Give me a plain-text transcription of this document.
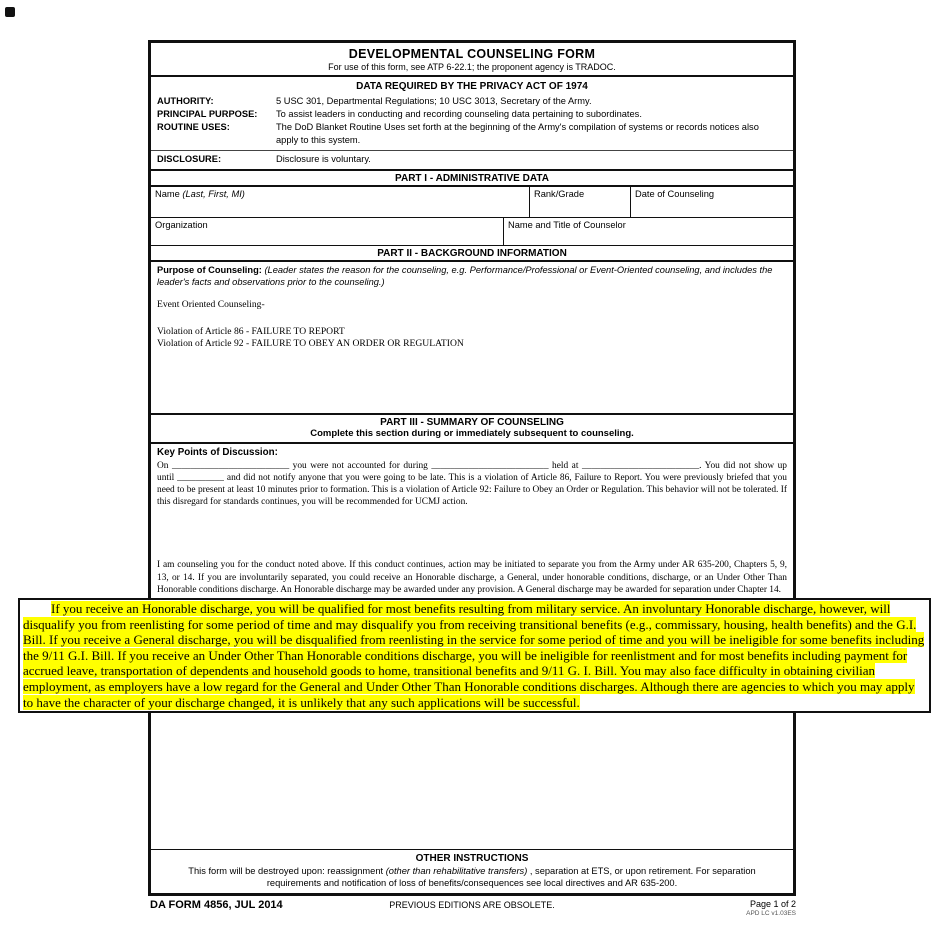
DEVELOPMENTAL COUNSELING FORM
For use of this form, see ATP 6-22.1; the proponent agency is TRADOC.
DATA REQUIRED BY THE PRIVACY ACT OF 1974
AUTHORITY:	5 USC 301, Departmental Regulations; 10 USC 3013, Secretary of the Army.
PRINCIPAL PURPOSE:	To assist leaders in conducting and recording counseling data pertaining to subordinates.
ROUTINE USES:	The DoD Blanket Routine Uses set forth at the beginning of the Army's compilation of systems or records notices also apply to this system.
DISCLOSURE:	Disclosure is voluntary.
PART I - ADMINISTRATIVE DATA
Name (Last, First, MI)	Rank/Grade	Date of Counseling
Organization	Name and Title of Counselor
PART II - BACKGROUND INFORMATION
Purpose of Counseling: (Leader states the reason for the counseling, e.g. Performance/Professional or Event-Oriented counseling, and includes the leader's facts and observations prior to the counseling.)
Event Oriented Counseling-
Violation of Article 86 - FAILURE TO REPORT
Violation of Article 92 - FAILURE TO OBEY AN ORDER OR REGULATION
PART III - SUMMARY OF COUNSELING
Complete this section during or immediately subsequent to counseling.
Key Points of Discussion:
On _________________________ you were not accounted for during _________________________ held at _________________________. You did not show up until __________ and did not notify anyone that you were going to be late. This is a violation of Article 86, Failure to Report. You were previously briefed that you need to be present at least 10 minutes prior to formation. This is a violation of Article 92: Failure to Obey an Order or Regulation. This behavior will not be tolerated. If this disregard for standards continues, you will be recommended for UCMJ action.
I am counseling you for the conduct noted above. If this conduct continues, action may be initiated to separate you from the Army under AR 635-200, Chapters 5, 9, 13, or 14. If you are involuntarily separated, you could receive an Honorable discharge, a General, under honorable conditions, discharge, or an Under Other Than Honorable conditions discharge. An Honorable discharge may be awarded under any provision. A General discharge may be awarded for separation under Chapter 14.
OTHER INSTRUCTIONS
This form will be destroyed upon: reassignment (other than rehabilitative transfers) , separation at ETS, or upon retirement. For separation requirements and notification of loss of benefits/consequences see local directives and AR 635-200.

If you receive an Honorable discharge, you will be qualified for most benefits resulting from military service. An involuntary Honorable discharge, however, will disqualify you from reenlisting for some period of time and may disqualify you from receiving transitional benefits (e.g., commissary, housing, health benefits) and the G.I. Bill. If you receive a General discharge, you will be disqualified from reenlisting in the service for some period of time and you will be ineligible for some benefits including the 9/11 G.I. Bill. If you receive an Under Other Than Honorable conditions discharge, you will be ineligible for reenlistment and for most benefits including payment for accrued leave, transportation of dependents and household goods to home, transitional benefits and 9/11 G. I. Bill. You may also face difficulty in obtaining civilian employment, as employers have a low regard for the General and Under Other Than Honorable conditions discharges. Although there are agencies to which you may apply to have the character of your discharge changed, it is unlikely that any such applications will be successful.

DA FORM 4856, JUL 2014	PREVIOUS EDITIONS ARE OBSOLETE.	Page 1 of 2
APD LC v1.03ES
